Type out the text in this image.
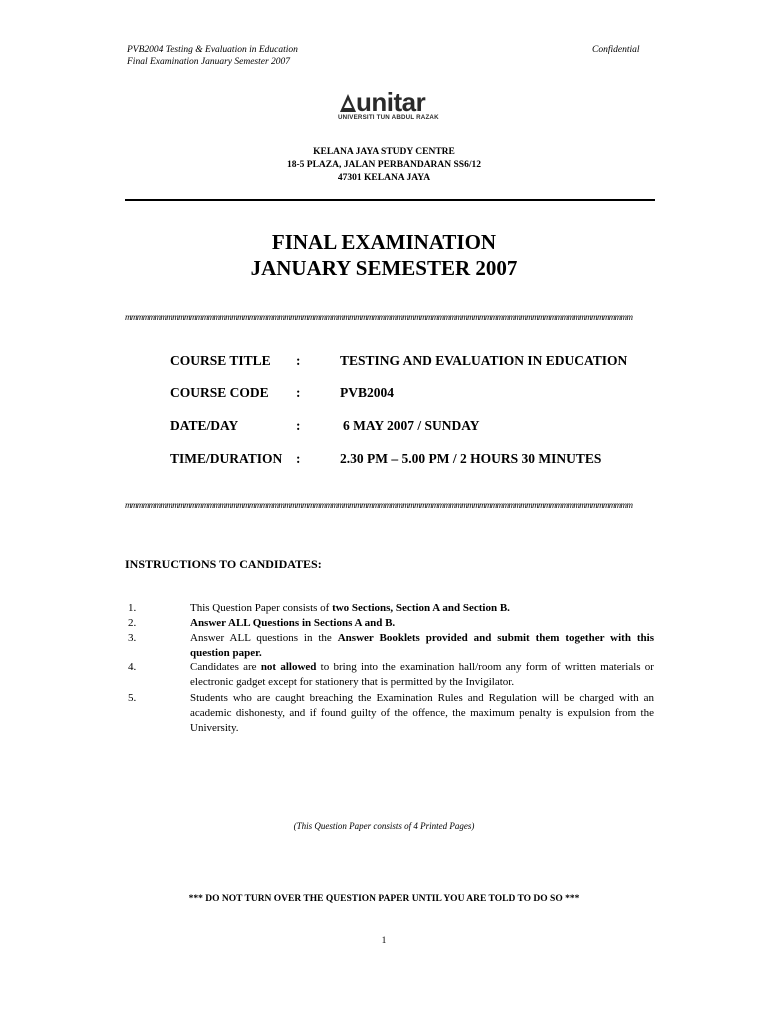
PVB2004 Testing & Evaluation in Education
Final Examination January Semester 2007
Confidential
unitar
UNIVERSITI TUN ABDUL RAZAK
KELANA JAYA STUDY CENTRE
18-5 PLAZA, JALAN PERBANDARAN SS6/12
47301 KELANA JAYA
FINAL EXAMINATION
JANUARY SEMESTER 2007
mmmmmmmmmmmmmmmmmmmmmmmmmmmmmmmmmmmmmmmmmmmmmmmmmmmmmmmmmmmmmmmmmmmmmmmmmmmmmmmmmmmmmm
COURSE TITLE :	TESTING AND EVALUATION IN EDUCATION
COURSE CODE :	PVB2004
DATE/DAY	:	6 MAY 2007 / SUNDAY
TIME/DURATION :	2.30 PM – 5.00 PM / 2 HOURS 30 MINUTES
mmmmmmmmmmmmmmmmmmmmmmmmmmmmmmmmmmmmmmmmmmmmmmmmmmmmmmmmmmmmmmmmmmmmmmmmmmmmmmmmmmmmmm
INSTRUCTIONS TO CANDIDATES:
1.	This Question Paper consists of two Sections, Section A and Section B.
2.	Answer ALL Questions in Sections A and B.
3.	Answer ALL questions in the Answer Booklets provided and submit them together with this question paper.
4.	Candidates are not allowed to bring into the examination hall/room any form of written materials or electronic gadget except for stationery that is permitted by the Invigilator.
5.	Students who are caught breaching the Examination Rules and Regulation will be charged with an academic dishonesty, and if found guilty of the offence, the maximum penalty is expulsion from the University.
(This Question Paper consists of 4 Printed Pages)
*** DO NOT TURN OVER THE QUESTION PAPER UNTIL YOU ARE TOLD TO DO SO ***
1
